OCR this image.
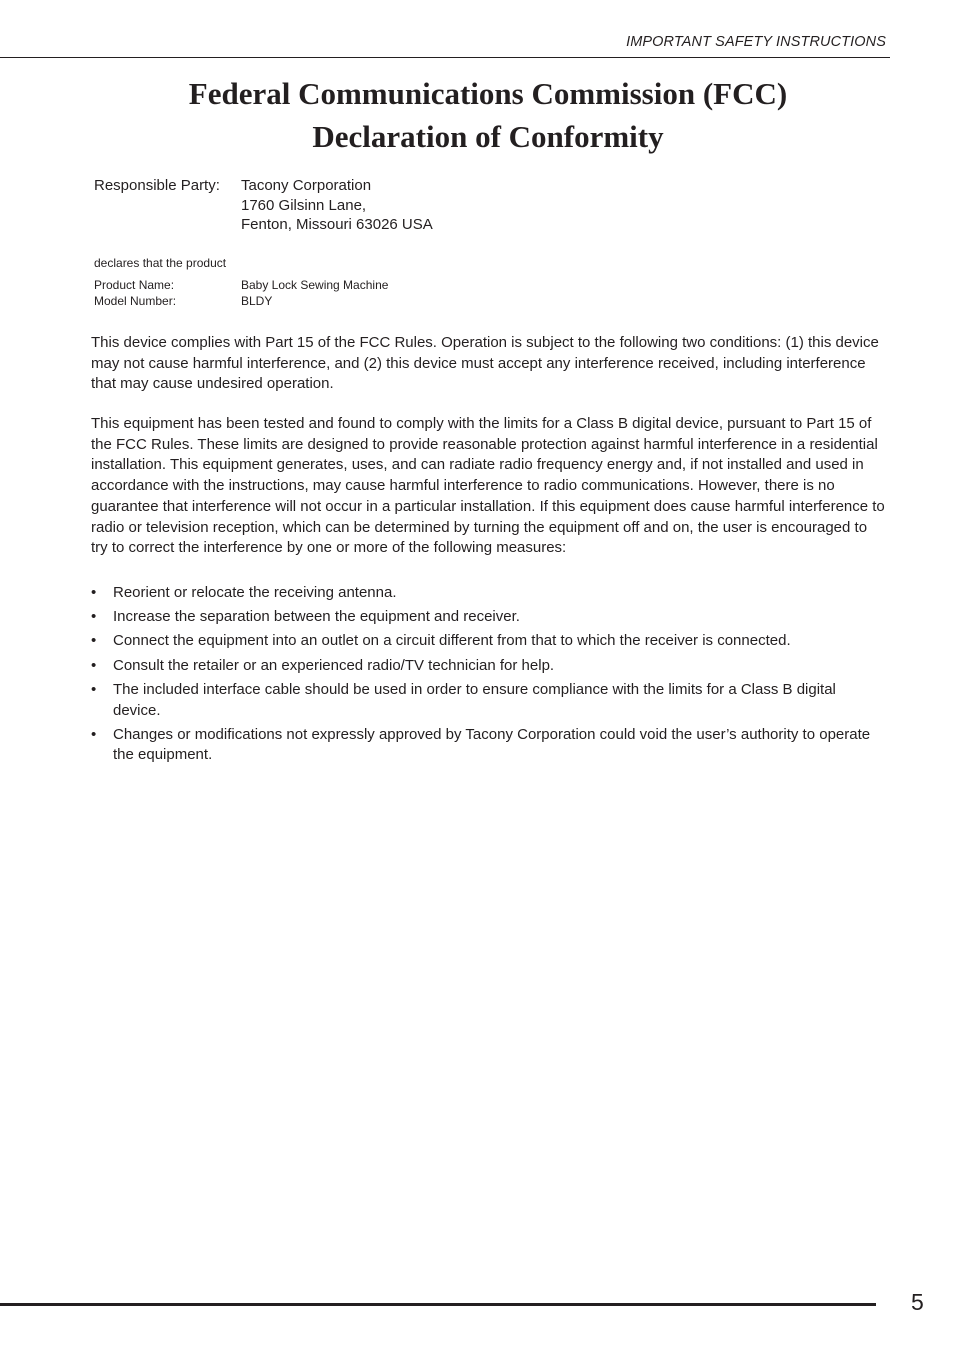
IMPORTANT SAFETY INSTRUCTIONS
Federal Communications Commission (FCC)
Declaration of Conformity
Responsible Party: Tacony Corporation
1760 Gilsinn Lane,
Fenton, Missouri 63026 USA
declares that the product
Product Name:	Baby Lock Sewing Machine
Model Number:	BLDY

This device complies with Part 15 of the FCC Rules. Operation is subject to the following two conditions: (1) this device may not cause harmful interference, and (2) this device must accept any interference received, including interference that may cause undesired operation.

This equipment has been tested and found to comply with the limits for a Class B digital device, pursuant to Part 15 of the FCC Rules. These limits are designed to provide reasonable protection against harmful interference in a residential installation. This equipment generates, uses, and can radiate radio frequency energy and, if not installed and used in accordance with the instructions, may cause harmful interference to radio communications. However, there is no guarantee that interference will not occur in a particular installation. If this equipment does cause harmful interference to radio or television reception, which can be determined by turning the equipment off and on, the user is encouraged to try to correct the interference by one or more of the following measures:

• Reorient or relocate the receiving antenna.
• Increase the separation between the equipment and receiver.
• Connect the equipment into an outlet on a circuit different from that to which the receiver is connected.
• Consult the retailer or an experienced radio/TV technician for help.
• The included interface cable should be used in order to ensure compliance with the limits for a Class B digital device.
• Changes or modifications not expressly approved by Tacony Corporation could void the user’s authority to operate the equipment.
5
